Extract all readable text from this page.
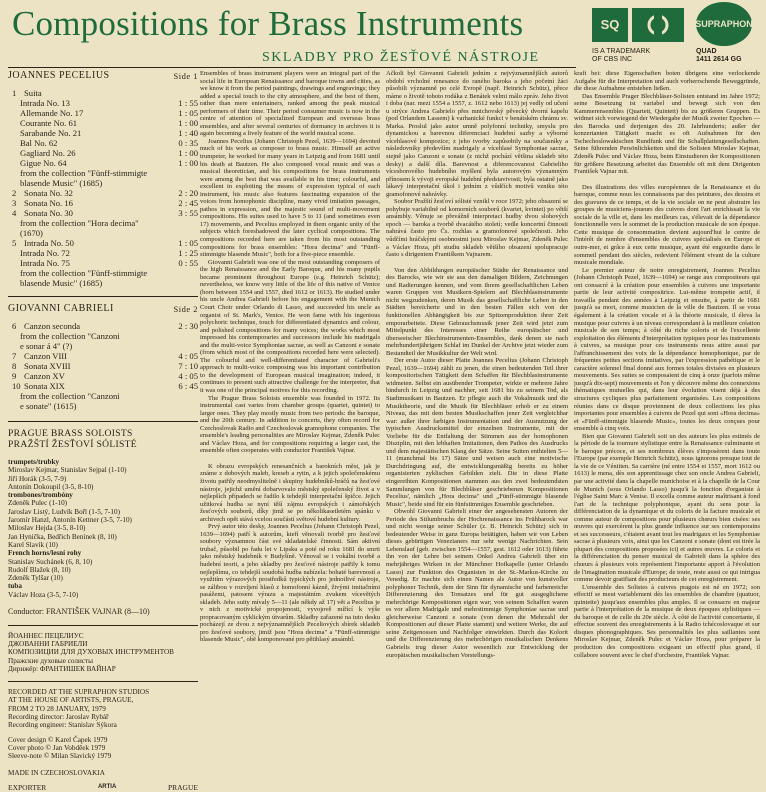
Compositions for Brass Instruments
SKLADBY PRO ŽESŤOVÉ NÁSTROJE
SQ	SUPRAPHON
IS A TRADEMARK
OF CBS INC
QUAD
1411 2614 GG
JOANNES PECELIUS	Side 1
1 Suita
Intrada No. 13	1 : 55
Allemande No. 17	1 : 05
Courante No. 61	1 : 00
Sarabande No. 21	1 : 40
Bal No. 62	0 : 35
Gagliard No. 26	1 : 00
Gigue No. 64	1 : 00
from the collection "Fünff-stimmigte
blasende Music" (1685)
2 Sonata No. 32	2 : 20
3 Sonata No. 16	2 : 45
4 Sonata No. 30	3 : 55
from the collection "Hora decima"
(1670)
5 Intrada No. 50	1 : 05
Intrada No. 72	1 : 25
Intrada No. 75	0 : 55
from the collection "Fünff-stimmigte
blasende Music" (1685)
GIOVANNI CABRIELI	Side 2
6 Canzon seconda	2 : 30
from the collection "Canzoni
e sonar á 4" (?)
7 Canzon VIII	4 : 05
8 Sonata XVIII	7 : 10
9 Canzon XV	4 : 05
10 Sonata XIX	6 : 45
from the collection "Canzoni
e sonate" (1615)
PRAGUE BRASS SOLOISTS
PRAŽŠTÍ ŽESŤOVÍ SÓLISTÉ
trumpets/trubky
Miroslav Kejmar, Stanislav Sejpal (1-10)
Jiří Horák (3-5, 7-9)
Antonín Dokoupil (3-5, 8-10)
trombones/trombóny
Zdeněk Pulec (1-10)
Jaroslav Listý, Ludvík Bořl (1-5, 7-10)
Jaromír Hanzl, Antonín Kettner (3-5, 7-10)
Miloslav Hejda (3-5, 8-10)
Jan Hynička, Bedřich Benínek (8, 10)
Karel Slavík (10)
French horns/lesní rohy
Stanislav Suchánek (6, 8, 10)
Rudolf Blažek (8, 10)
Zdeněk Tylšar (10)
tuba
Václav Hoza (3-5, 7-10)
Conductor: FRANTIŠEK VAJNAR (8—10)
ЙОАННЕС ПЕЦЕЛИУС
ДЖОВАННИ ГАБРИЕЛИ
КОМПОЗИЦИИ ДЛЯ ДУХОВЫХ ИНСТРУМЕНТОВ
Пражские духовые солисты
Дирижёр: ФРАНТИШЕК ВАЙНАР
RECORDED AT THE SUPRAPHON STUDIOS
AT THE HOUSE OF ARTISTS, PRAGUE,
FROM 2 TO 28 JANUARY, 1979
Recording director: Jaroslav Rybář
Recording engineer: Stanislav Sýkora
Cover design © Karel Čapek 1979
Cover photo © Jan Vobděek 1979
Sleeve-note © Milan Slavický 1979
MADE IN CZECHOSLOVAKIA
EXPORTER	ARTIA	PRAGUE

Ensembles of brass instrument players were an integral part of the social life in European Renaissance and baroque towns and cities, as we know it from the period paintings, drawings and engravings; they added a special touch to the city atmosphere, and the best of them, rather than mere entertainers, ranked among the peak musical performers of their time. Their period consumer music is now in the centre of attention of specialized European and overseas brass ensembles, and after several centuries of dormancy in archives it is again becoming a lively feature of the world musical scene.

Joannes Pecelius (Johann Christoph Pezel, 1639—1694) devoted much of his work as composer to brass music. Himself an active trumpeter, he worked for many years in Leipzig and from 1681 until his death at Bautzen. He also composed vocal music and was a musical theoretician, and his compositions for brass instruments were among the best that was available in his time; colourful, and excellent in exploiting the means of expression typical of each instrument, his music also features fascinating expansion of the voices from homophonic discipline, many vivid imitation passages, pathos in expression, and the majestic sound of multi-movement compositions. His suites used to have 5 to 11 (and sometimes even 17) movements, and Pecelius employed in them organic unity of the subjects which foreshadowed the later cyclical compositions. The compositions recorded here are taken from his most outstanding compositions for brass ensembles: "Hora decima" and "Fünff-stimmigte blasende Music", both for a five-piece ensemble.

Giovanni Gabrieli was one of the most outstanding composers of the high Renaissance and the Early Baroque, and his many pupils became prominent throughout Europe (e.g. Heinrich Schütz); nevertheless, we know very little of the life of this native of Venice (born between 1554 and 1557, died 1612 or 1613). He studied under his uncle Andrea Gabrieli before his engagement with the Munich Court Choir under Orlando di Lasso, and succeeded his uncle as organist of St. Mark's, Venice. He won fame with his ingenious polychoric technique, touch for differentiated dynamics and colour, and polished compositions for many voices; the works which most impressed his contemporaries and successors include his madrigals and the multi-voice Symphoniae sacrae, as well as Canzoni e sonate (from which most of the compositions recorded here were selected). The colourful and well-differentiated character of Gabrieli's approach to multi-voice composing was his important contribution to the development of European musical imagination; indeed, it continues to present such attractive challenge for the interpreter, that it was one of the principal motives for this recording.

The Prague Brass Soloists ensemble was founded in 1972. Its instrumental cast varies from chamber groups (quartet, quintet) to larger ones. They play mostly music from two periods: the baroque, and the 20th century. In addition to concerts, they often record for Czechoslovak Radio and Czechoslovak gramophone companies. The ensemble's leading personalities are Miroslav Kejmar, Zdeněk Pulec and Václav Hoza, and for compositions requiring a larger cast, the ensemble often cooperates with conductor František Vajnar.

K obrazu evropských renesančních a barokních měst, jak je známe z dobových maleb, kreseb a rytin, a k jejich společenskému životu patřily neodmyslitelně i skupiny hudebníků-hráčů na žesťové nástroje, jejichž umění dobarvovalo městský společenský život a v nejlepších případech se řadilo k tehdejší interpretační špičce. Jejich užitková hudba se nyní těší zájmu evropských i zámořských žesťových souborů, díky jimž se po několikasetletém spánku v archivech opět stává vcelou součástí světové hudební kultury.

Prvý autor této desky, Joannes Pecelius (Johann Christoph Pezel, 1639—1694) patří k autorům, kteří věnovali tvorbě pro žesťové soubory významnou část své skladatelské činnosti. Sám aktivní trubač, působil po řadu let v Lipsku a poté od roku 1681 do smrti jako městský hudebník v Budyšíně. Věnoval se i vokální tvorbě a hudební teorii, a jeho skladby pro žesťové nástroje patřily k tomu nejlepšímu, co tehdejší soudobá hudba nabízela: bohaté barevností a využitím výrazových prostředků typických pro jednotlivé nástroje, se zálibou v rozvíjení hlasů z homofonní kázně, živými imitačními pasážemi, patosem výrazu a majestátním zvukem vícevětých skladeb. Jeho suity mívaly 5—11 (ale někdy až 17) vět a Pecelius je v nich z motivické propojenosti, vyvojově mířící k výše propracovaným cyklickým útvarům. Skladby zařazené na tuto desku pocházejí ze dvou z nejvýznamnějších Peceliových sbírek skladeb pro žesťové soubory, jimiž jsou "Hora decima" a "Fünff-stimmigte blasende Music", obě komponované pro pětihlasý ansámbl.

Ačkoli byl Giovanni Gabrieli jedním z nejvýznamnějších autorů období vrcholné renesance do raného baroka a jeho početní žáci působili významně po celé Evropě (např. Heinrich Schütz), přece máme o životě tohoto rodáka z Benátek velmi málo zpráv. Jeho život i doba (nar. mezi 1554 a 1557, z. 1612 nebo 1613) jej vedly od učení u strýce Andrea Gabrielo přes mnichovský pěvecký dvorní kapelu (pod Orlandem Lassem) k varhanické funkci v benátském chrámu sv. Marka. Proslul jako autor umně polyfonní techniky, smyslu pro dynamickou a barevnou diferenciaci hudební sazby a výborné vícehlasové kompozice; z jeho tvorby zapůsobily na současníky a následovníky především madrigaly a vícehlasé Symphoniae sacrae, stejně jako Canzoni e sonate (z nichž pochází většina skladeb této desky) a další díla. Barevnost a diferencovanost Gabrieliho vícesborového hudebního myšlení byla autorovým významným přínosem k vývoji evropské hudební představivosti; byla ostatně jako lákavý interpretační úkol i jedním z vůdčích motivů vzniku této gramofonové nahrávky.

Soubor Pražští žesťoví sólisté vznikl v roce 1972; jeho obsazení se pohybuje variabilně od komorních souborů (kvartet, kvintet) po větší ansámbly. Věnuje se převážně interpretaci hudby dvou slohových epoch — baroka a tvorbě dvacátého století; vedle koncertní činnosti nahrává často pro Čs. rozhlas a gramofonové společnosti. Jeho vůdčími hráčskými osobnostmi jsou Miroslav Kejmar, Zdeněk Pulec a Václav Hoza, při studiu skladeb většího obsazení spolupracuje často s dirigentem Františkem Vajnarem.

Von den Abbildungen europäischer Städte der Renaissance und des Barocks, wie wir sie aus den damaligen Bildern, Zeichnungen und Radierungen kennen, und vom ihrem gesellschaftlichen Leben waren Gruppen von Musikern-Spielern auf Blechblasinstrumente nicht wegzudenken, deren Musik das gesellschaftliche Leben in den Städten bereicherte und in den besten Fällen sich von der funktionellen Abhängigkeit bis zur Spitzenproduktion ihrer Zeit emporarbeitete. Diese Gebrauchsmusik jener Zeit wird jetzt zum Mittelpunkt des Interesses einer Reihe europäischer und überseeischer Blechinstrumenten-Ensembles, dank denen sie nach mehrhundertjährigem Schlaf im Dunkel der Archive jetzt wieder zum Bestandteil der Musikkultur der Welt wird.

Der erste Autor dieser Platte Joannes Pecelius (Johann Christoph Pezel, 1639—1694) zählt zu jenen, die einen bedeutenden Teil ihrer kompositorischen Tätigkeit dem Schaffen für Blechblasinstrumente widmeten. Selbst ein ausübender Trompeter, wirkte er mehrere Jahre hindurch in Leipzig und nachher, seit 1681 bis zu seinem Tod, als Stadtmusikant in Bautzen. Er pflegte auch die Vokalmusik und die Musiktheorie, und die Musik für Blechbläser erhob er zu einem Niveau, das mit dem besten Musikschaffen jener Zeit vergleichbar war: außer ihrer farbigen Instrumentation und der Ausnutzung der typischen Ausdrucksmittel der einzelnen Instrumente, mit der Vorliebe für die Entfaltung der Stimmen aus der homophonen Disziplin, mit den lebhaften Imitationen, dem Pathos des Ausdrucks und dem majestätischen Klang der Sätze. Seine Suiten enthielten 5—11 (manchmal bis 17) Sätze und weisen auch eine motivische Durchdringung auf, die entwicklungsmäßig bereits zu höher organisierten zyklischen Gebilden zielt. Die in diese Platte eingereihten Kompositionen stammen aus den zwei bedeutendsten Sammlungen von für Blechbläser geschriebenen Kompositionen Pecelius', nämlich „Hora decima" und „Fünff-stimmigte blasende Music", beide sind für ein fünfstimmiges Ensemble geschrieben.

Obwohl Giovanni Gabrieli einer der angesehensten Autoren der Periode des Stilumbruchs der Hochrenaissance ins Frühbarock war und nicht wenige seiner Schüler (z. B. Heinrich Schütz) sich in bedeutender Weise in ganz Europa betätigten, haben wir von Leben dieses gebürtigen Venezianers nur sehr wenige Nachrichten. Sein Lebenslauf (geb. zwischen 1554—1557, gest. 1612 oder 1613) führte ihn von der Lehre bei seinem Onkel Andrea Gabrieli über ein mehrjähriges Wirken in der Münchner Hofkapelle (unter Orlando Lasso) zur Funktion des Organisten in der St.-Markus-Kirche zu Venedig. Er machte sich einen Namen als Autor von kunstvoller polyphoner Technik, dem der Sinn für dynamische und farbenreiche Differenzierung des Tonsatzes und für gut ausgeglichene mehrchörige Kompositionen eigen war; von seinem Schaffen waren es vor allem Madrigale und mehrstimmige Symphoniae sacrae und gleicherweise Canzoni e sonate (von denen die Mehrzahl der Kompositionen auf dieser Platte stammt) und weitere Werke, die auf seine Zeitgenossen und Nachfolger einwirkten. Durch das Kolorit und die Differenzierung des mehrchörigen musikalischen Denkens Gabrielis trug dieser Autor wesentlich zur Entwicklung der europäischen musikalischen Vorstellungs-

kraft bei: diese Eigenschaften boten übrigens eine verlockende Aufgabe für die Interpretation und auch vorherrschende Beweggründe, die diese Aufnahme entstehen ließen.

Das Ensemble Prager Blechbläser-Solisten entstand im Jahre 1972; seine Besetzung ist variabel und bewegt sich von den Kammerensembles (Quartett, Quintett) bis zu größeren Gruppen. Es widmet sich vorwiegend der Wiedergabe der Musik zweier Epochen — des Barocks und derjenigen des 20. Jahrhunderts; außer der konzertanten Tätigkeit macht es oft Aufnahmen für den Tschechoslowakischen Rundfunk und für Schallplattengesellschaften. Seine führenden Persönlichkeiten sind die Solisten Miroslav Kejmar, Zdeněk Pulec und Václav Hoza, beim Einstudieren der Kompositionen für größere Besetzung arbeitet das Ensemble oft mit dem Dirigenten František Vajnar mit.

Des illustrations des villes européennes de la Renaissance et du baroque, comme nous les connaissons par des peintures, des dessins et des gravures de ce temps, et de la vie sociale on ne peut abstraire les groupes de musiciens-joueurs des cuivres dont l'art enrichissait la vie sociale de la ville et, dans les meilleurs cas, s'élevait de la dépendance fonctionnelle vers le sommet de la production musicale de son époque. Cette musique de consommation devient aujourd'hui le centre de l'intérêt de nombre d'ensembles de cuivres spécialisés en Europe et outre-mer, et grâce à eux cette musique, ayant été engourdie dans le sommeil pendant des siècles, redevient l'élément vivant de la culture musicale mondiale.

Le premier auteur de notre enregistrement, Joannes Pecelius (Johann Christoph Pezel, 1639—1694) se range aux compositeurs qui ont consacré à la création pour ensembles à cuivres une importante partie de leur activité compositrice. Lui-même trompette actif, il travailla pendant des années à Leipzig et ensuite, à partir de 1681 jusqu'à sa mort, comme musicien de la ville de Bautzen. Il se voua également à la création vocale et à la théorie musicale, il éleva la musique pour cuivres à un niveau correspondant à la meilleure création musicale de son temps; à côté du riche coloris et de l'excellente exploitation des éléments d'interprétation typiques pour les instruments à cuivres, sa musique pour ces instruments nous attire aussi par l'affranchissement des voix de la dépendance homophonique, par de fréquentes petites sections imitatives, par l'expression pathétique et le caractère solennel final donné aux formes totales divisées en plusieurs mouvements. Ses suites se composaient de cinq à onze (parfois même jusqu'à dix-sept) mouvements et l'on y découvre même des connexions thématiques mutuelles qui, dans leur évolution visent déjà à des structures cycliques plus parfaitement organisées. Les compositions réunies dans ce disque proviennent de deux collections les plus importantes pour ensembles à cuivres de Pezel qui sont «Hora decima» et «Fünff-stimmigte blasende Music», toutes les deux conçues pour ensemble à cinq voix.

Bien que Giovanni Gabrieli soit un des auteurs les plus estimés de la période de la tournure stylistique entre la Renaissance culminante et le baroque précoce, et ses nombreux élèves s'imposèrent dans toute l'Europe (par exemple Heinrich Schütz), nous ignorons presque tout de la vie de ce Vénitien. Sa carrière (né entre 1554 et 1557, mort 1612 ou 1613) le mena, dès son apprentissage chez son oncle Andrea Gabrieli, par une activité dans la chapelle munichoise et à la chapelle de la Cour de Munich (sous Orlando Lasso) jusqu'à la fonction d'organiste à l'église Saint Marc à Venise. Il excella comme auteur maîtrisant à fond l'art de la technique polyphonique, ayant du sens pour la différenciation de la dynamique et du coloris de la facture musicale et comme auteur de compositions pour plusieurs chœurs bien cisées: ses œuvres qui exercèrent la plus grande influence sur ses contemporains et ses successeurs, c'étaient avant tout les madrigaux et les Symphoniae sacrae à plusieurs voix, ainsi que les Canzoni e sonate (dont est tirée la plupart des compositions proposées ici) et autres œuvres. Le coloris et la différenciation du penser musical de Gabrieli dans la sphère des chœurs à plusieurs voix représentent l'importante apport à l'évolution de l'imagination musicale d'Europe; de toute, reste aussi ce qui intrigua comme devoir gratifiant des producteurs de cet enregistrement.

L'ensemble des Solistes à cuivres pragois est né en 1972; son effectif se meut variablement dès les ensembles de chambre (quatuor, quintette) jusqu'aux ensembles plus amples. Il se consacre en majeur partie à l'interprétation de la musique de deux époques stylistiques — du baroque et de celle du 20e siècle. À côté de l'activité concertante, il effectue souvent des enregistrements à la Radio tchécoslovaque et sur disques phonographiques. Ses personnalités les plus saillantes sont Miroslav Kejmar, Zdeněk Pulec et Václav Hoza, pour préparer la production des compositions exigeant un effectif plus grand, il collabore souvent avec le chef d'orchestre, František Vajnar.
